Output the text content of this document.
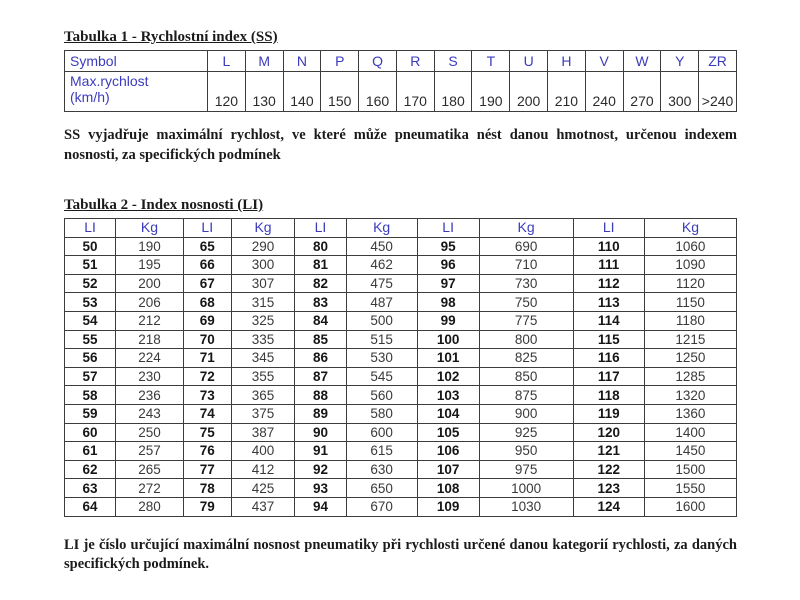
Tabulka 1 - Rychlostní index (SS)

Symbol	L	M	N	P	Q	R	S	T	U	H	V	W	Y	ZR

Max.rychlost
(km/h)	120	130	140	150	160	170	180	190	200	210	240	270	300	>240

SS vyjadřuje maximální rychlost, ve které může pneumatika nést danou hmotnost, určenou indexem nosnosti, za specifických podmínek

Tabulka 2 - Index nosnosti (LI)

LI	Kg	LI	Kg	LI	Kg	LI	Kg	LI	Kg
50	190	65	290	80	450	95	690	110	1060
51	195	66	300	81	462	96	710	111	1090
52	200	67	307	82	475	97	730	112	1120
53	206	68	315	83	487	98	750	113	1150
54	212	69	325	84	500	99	775	114	1180
55	218	70	335	85	515	100	800	115	1215
56	224	71	345	86	530	101	825	116	1250
57	230	72	355	87	545	102	850	117	1285
58	236	73	365	88	560	103	875	118	1320
59	243	74	375	89	580	104	900	119	1360
60	250	75	387	90	600	105	925	120	1400
61	257	76	400	91	615	106	950	121	1450
62	265	77	412	92	630	107	975	122	1500
63	272	78	425	93	650	108	1000	123	1550
64	280	79	437	94	670	109	1030	124	1600

LI je číslo určující maximální nosnost pneumatiky při rychlosti určené danou kategorií rychlosti, za daných specifických podmínek.
